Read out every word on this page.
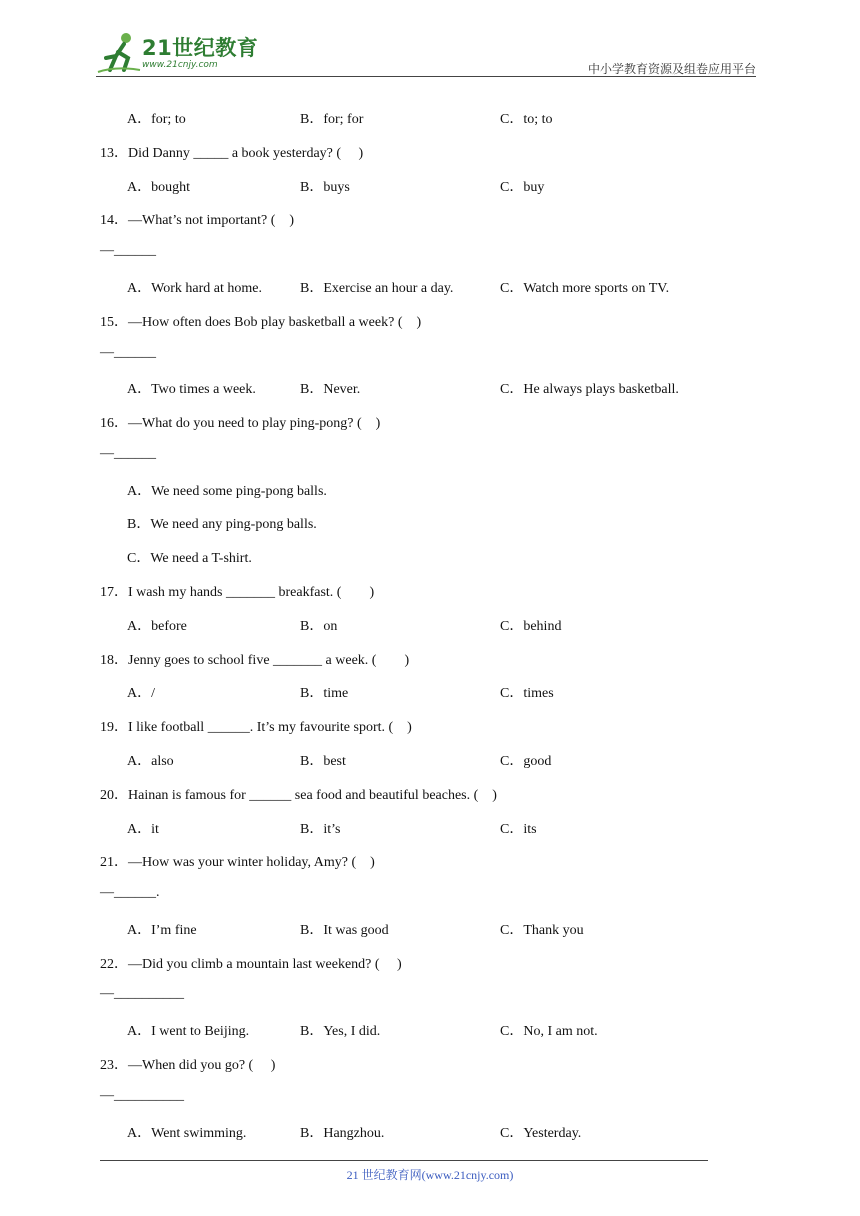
21世纪教育
www.21cnjy.com	中小学教育资源及组卷应用平台
A．for; to	B．for; for	C．to; to
13．Did Danny _____ a book yesterday? (　 )
A．bought	B．buys	C．buy
14．—What’s not important? (　)
—______
A．Work hard at home.	B．Exercise an hour a day.	C．Watch more sports on TV.
15．—How often does Bob play basketball a week? (　)
—______
A．Two times a week.	B．Never.	C．He always plays basketball.
16．—What do you need to play ping-pong? (　)
—______
A．We need some ping-pong balls.
B．We need any ping-pong balls.
C．We need a T-shirt.
17．I wash my hands _______ breakfast. (　　)
A．before	B．on	C．behind
18．Jenny goes to school five _______ a week. (　　)
A．/	B．time	C．times
19．I like football ______. It’s my favourite sport. (　)
A．also	B．best	C．good
20．Hainan is famous for ______ sea food and beautiful beaches. (　)
A．it	B．it’s	C．its
21．—How was your winter holiday, Amy? (　)
—______.
A．I’m fine	B．It was good	C．Thank you
22．—Did you climb a mountain last weekend? (　 )
—__________
A．I went to Beijing.	B．Yes, I did.	C．No, I am not.
23．—When did you go? (　 )
—__________
A．Went swimming.	B．Hangzhou.	C．Yesterday.
21 世纪教育网(www.21cnjy.com)
